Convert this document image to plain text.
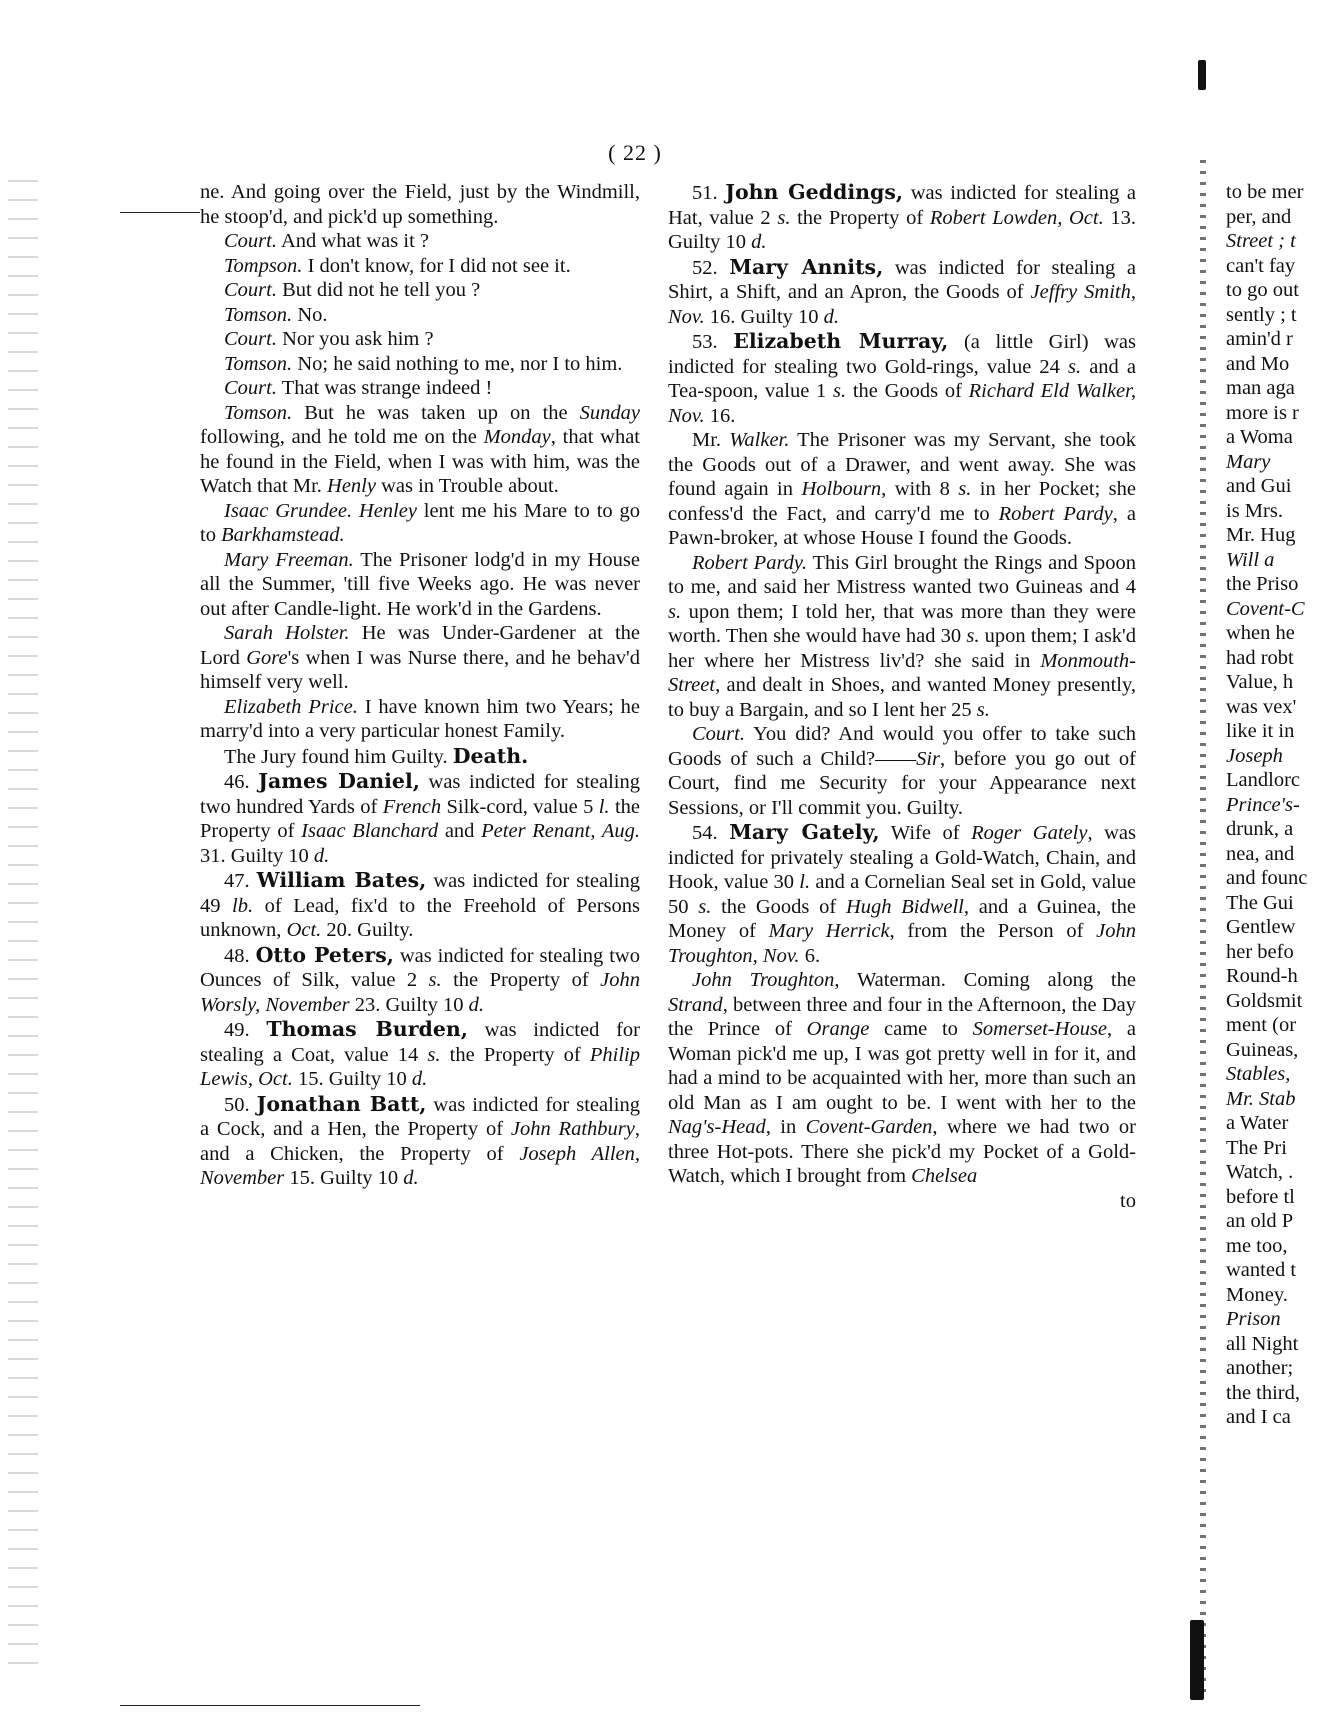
( 22 )

ne. And going over the Field, just by the Windmill, he stoop'd, and pick'd up something.

Court. And what was it ?

Tompson. I don't know, for I did not see it.

Court. But did not he tell you ?

Tomson. No.

Court. Nor you ask him ?

Tomson. No; he said nothing to me, nor I to him.

Court. That was strange indeed !

Tomson. But he was taken up on the Sunday following, and he told me on the Monday, that what he found in the Field, when I was with him, was the Watch that Mr. Henly was in Trouble about.

Isaac Grundee. Henley lent me his Mare to to go to Barkhamstead.

Mary Freeman. The Prisoner lodg'd in my House all the Summer, 'till five Weeks ago. He was never out after Candle-light. He work'd in the Gardens.

Sarah Holster. He was Under-Gardener at the Lord Gore's when I was Nurse there, and he behav'd himself very well.

Elizabeth Price. I have known him two Years; he marry'd into a very particular honest Family.

The Jury found him Guilty. Death.

46. James Daniel, was indicted for stealing two hundred Yards of French Silk-cord, value 5 l. the Property of Isaac Blanchard and Peter Renant, Aug. 31. Guilty 10 d.

47. William Bates, was indicted for stealing 49 lb. of Lead, fix'd to the Freehold of Persons unknown, Oct. 20. Guilty.

48. Otto Peters, was indicted for stealing two Ounces of Silk, value 2 s. the Property of John Worsly, November 23. Guilty 10 d.

49. Thomas Burden, was indicted for stealing a Coat, value 14 s. the Property of Philip Lewis, Oct. 15. Guilty 10 d.

50. Jonathan Batt, was indicted for stealing a Cock, and a Hen, the Property of John Rathbury, and a Chicken, the Property of Joseph Allen, November 15. Guilty 10 d.

51. John Geddings, was indicted for stealing a Hat, value 2 s. the Property of Robert Lowden, Oct. 13. Guilty 10 d.

52. Mary Annits, was indicted for stealing a Shirt, a Shift, and an Apron, the Goods of Jeffry Smith, Nov. 16. Guilty 10 d.

53. Elizabeth Murray, (a little Girl) was indicted for stealing two Gold-rings, value 24 s. and a Tea-spoon, value 1 s. the Goods of Richard Eld Walker, Nov. 16.

Mr. Walker. The Prisoner was my Servant, she took the Goods out of a Drawer, and went away. She was found again in Holbourn, with 8 s. in her Pocket; she confess'd the Fact, and carry'd me to Robert Pardy, a Pawn-broker, at whose House I found the Goods.

Robert Pardy. This Girl brought the Rings and Spoon to me, and said her Mistress wanted two Guineas and 4 s. upon them; I told her, that was more than they were worth. Then she would have had 30 s. upon them; I ask'd her where her Mistress liv'd? she said in Monmouth-Street, and dealt in Shoes, and wanted Money presently, to buy a Bargain, and so I lent her 25 s.

Court. You did? And would you offer to take such Goods of such a Child?——Sir, before you go out of Court, find me Security for your Appearance next Sessions, or I'll commit you. Guilty.

54. Mary Gately, Wife of Roger Gately, was indicted for privately stealing a Gold-Watch, Chain, and Hook, value 30 l. and a Cornelian Seal set in Gold, value 50 s. the Goods of Hugh Bidwell, and a Guinea, the Money of Mary Herrick, from the Person of John Troughton, Nov. 6.

John Troughton, Waterman. Coming along the Strand, between three and four in the Afternoon, the Day the Prince of Orange came to Somerset-House, a Woman pick'd me up, I was got pretty well in for it, and had a mind to be acquainted with her, more than such an old Man as I am ought to be. I went with her to the Nag's-Head, in Covent-Garden, where we had two or three Hot-pots. There she pick'd my Pocket of a Gold-Watch, which I brought from Chelsea

to

to be mer
per, and
Street ; t
can't fay
to go out
sently ; t
amin'd r
and Mo
man aga
more is r
a Woma
Mary
and Gui
is Mrs.
Mr. Hug
Will a
the Priso
Covent-C
when he
had robt
Value, h
was vex'
like it in
Joseph
Landlorc
Prince's-
drunk, a
nea, and
and founc
The Gui
Gentlew
her befo
Round-h
Goldsmit
ment (or
Guineas,
Stables,
Mr. Stab
a Water
The Pri
Watch, .
before tl
an old P
me too,
wanted t
Money.
Prison
all Night
another;
the third,
and I ca
